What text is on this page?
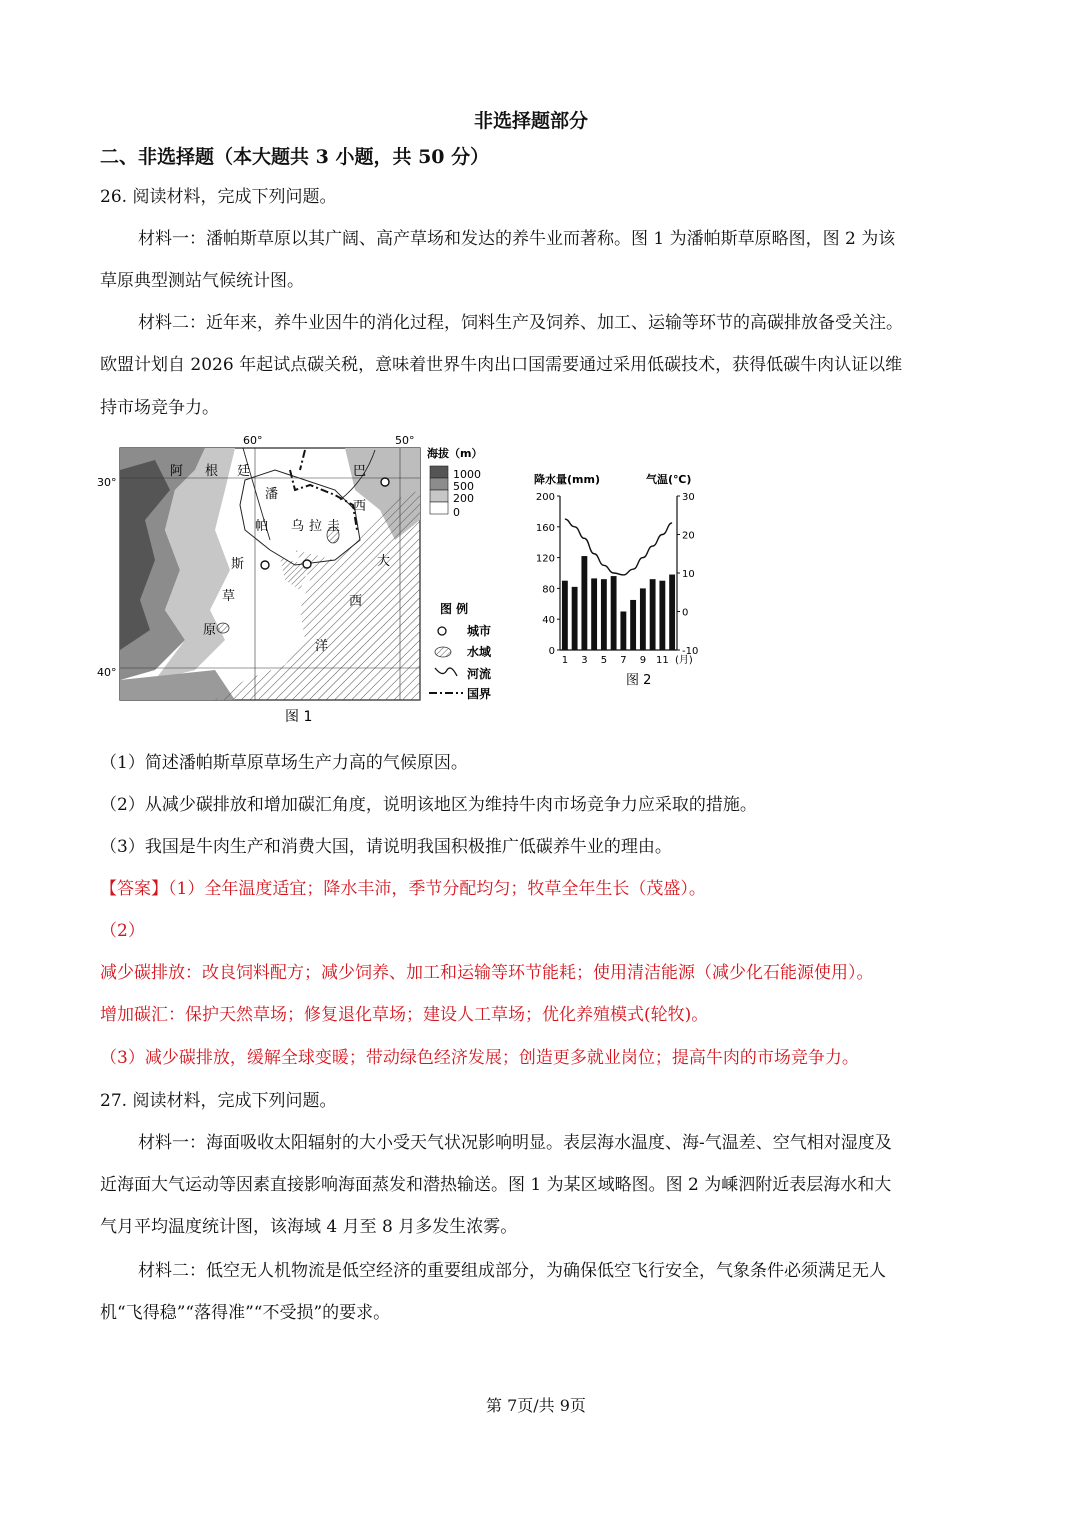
非选择题部分
二、非选择题（本大题共 3 小题，共 50 分）
26. 阅读材料，完成下列问题。
材料一：潘帕斯草原以其广阔、高产草场和发达的养牛业而著称。图 1 为潘帕斯草原略图，图 2 为该
草原典型测站气候统计图。
材料二：近年来，养牛业因牛的消化过程，饲料生产及饲养、加工、运输等环节的高碳排放备受关注。
欧盟计划自 2026 年起试点碳关税，意味着世界牛肉出口国需要通过采用低碳技术，获得低碳牛肉认证以维
持市场竞争力。
60°	50°
30°
40°
阿 根 廷	巴
西
潘
帕 乌 拉 圭
斯
草
原
大
西
洋
海拔（m）
1000
500
200
0
图 例
城市
水域
河流
国界
图 1
降水量(mm)	气温(℃)
0
40
80
120
160
200
-10
0
10
20
30
1 3 5 7 9 11 (月)
图 2
（1）简述潘帕斯草原草场生产力高的气候原因。
（2）从减少碳排放和增加碳汇角度，说明该地区为维持牛肉市场竞争力应采取的措施。
（3）我国是牛肉生产和消费大国，请说明我国积极推广低碳养牛业的理由。
【答案】（1）全年温度适宜；降水丰沛，季节分配均匀；牧草全年生长（茂盛）。
（2）
减少碳排放：改良饲料配方；减少饲养、加工和运输等环节能耗；使用清洁能源（减少化石能源使用）。
增加碳汇：保护天然草场；修复退化草场；建设人工草场；优化养殖模式(轮牧)。
（3）减少碳排放，缓解全球变暖；带动绿色经济发展；创造更多就业岗位；提高牛肉的市场竞争力。
27. 阅读材料，完成下列问题。
材料一：海面吸收太阳辐射的大小受天气状况影响明显。表层海水温度、海-气温差、空气相对湿度及
近海面大气运动等因素直接影响海面蒸发和潜热输送。图 1 为某区域略图。图 2 为嵊泗附近表层海水和大
气月平均温度统计图，该海域 4 月至 8 月多发生浓雾。
材料二：低空无人机物流是低空经济的重要组成部分，为确保低空飞行安全，气象条件必须满足无人
机“飞得稳”“落得准”“不受损”的要求。
第 7页/共 9页
